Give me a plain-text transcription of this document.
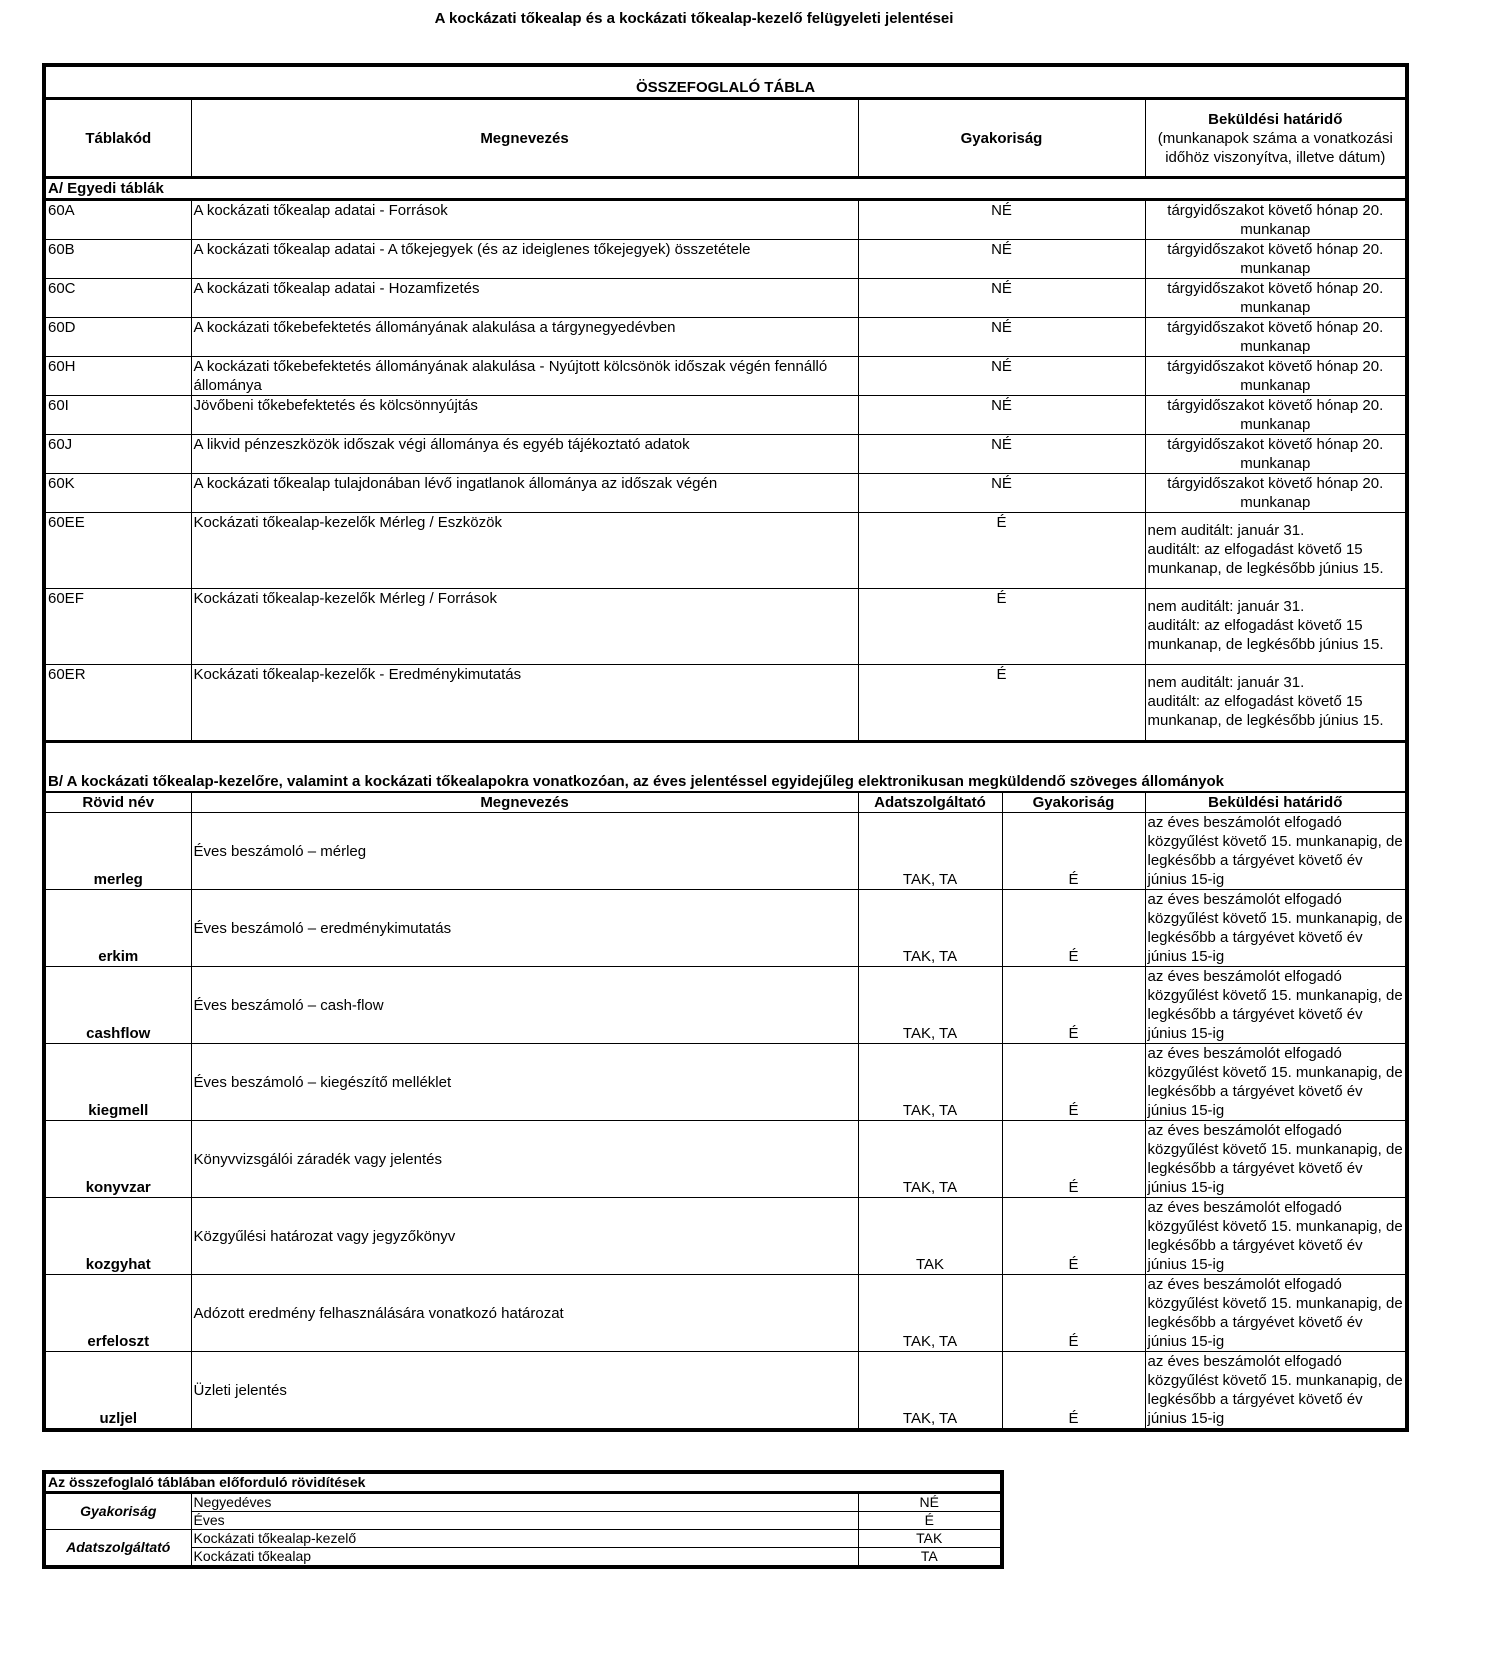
A kockázati tőkealap és a kockázati tőkealap-kezelő felügyeleti jelentései
ÖSSZEFOGLALÓ TÁBLA				
Táblakód	Megnevezés	Gyakoriság		Beküldési határidő
(munkanapok száma a vonatkozási időhöz viszonyítva, illetve dátum)

A/ Egyedi táblák				
60A	A kockázati tőkealap adatai - Források	NÉ		tárgyidőszakot követő hónap 20. munkanap
60B	A kockázati tőkealap adatai - A tőkejegyek (és az ideiglenes tőkejegyek) összetétele	NÉ		tárgyidőszakot követő hónap 20. munkanap
60C	A kockázati tőkealap adatai - Hozamfizetés	NÉ		tárgyidőszakot követő hónap 20. munkanap
60D	A kockázati tőkebefektetés állományának alakulása a tárgynegyedévben	NÉ		tárgyidőszakot követő hónap 20. munkanap
60H	A kockázati tőkebefektetés állományának alakulása - Nyújtott kölcsönök időszak végén fennálló állománya	NÉ		tárgyidőszakot követő hónap 20. munkanap
60I	Jövőbeni tőkebefektetés és kölcsönnyújtás	NÉ		tárgyidőszakot követő hónap 20. munkanap
60J	A likvid pénzeszközök időszak végi állománya és egyéb tájékoztató adatok	NÉ		tárgyidőszakot követő hónap 20. munkanap
60K	A kockázati tőkealap tulajdonában lévő ingatlanok állománya az időszak végén	NÉ		tárgyidőszakot követő hónap 20. munkanap
60EE	Kockázati tőkealap-kezelők Mérleg / Eszközök	É		nem auditált: január 31.
auditált: az elfogadást követő 15
munkanap, de legkésőbb június 15.

60EF	Kockázati tőkealap-kezelők Mérleg / Források	É		nem auditált: január 31.
auditált: az elfogadást követő 15
munkanap, de legkésőbb június 15.

60ER	Kockázati tőkealap-kezelők - Eredménykimutatás	É		nem auditált: január 31.
auditált: az elfogadást követő 15
munkanap, de legkésőbb június 15.

B/ A kockázati tőkealap-kezelőre, valamint a kockázati tőkealapokra vonatkozóan, az éves jelentéssel egyidejűleg elektronikusan megküldendő szöveges állományok				
Rövid név	Megnevezés	Adatszolgáltató	Gyakoriság	Beküldési határidő
merleg	Éves beszámoló – mérleg	TAK, TA	É	az éves beszámolót elfogadó közgyűlést követő 15. munkanapig, de legkésőbb a tárgyévet követő év június 15-ig
erkim	Éves beszámoló – eredménykimutatás	TAK, TA	É	az éves beszámolót elfogadó közgyűlést követő 15. munkanapig, de legkésőbb a tárgyévet követő év június 15-ig
cashflow	Éves beszámoló – cash-flow	TAK, TA	É	az éves beszámolót elfogadó közgyűlést követő 15. munkanapig, de legkésőbb a tárgyévet követő év június 15-ig
kiegmell	Éves beszámoló – kiegészítő melléklet	TAK, TA	É	az éves beszámolót elfogadó közgyűlést követő 15. munkanapig, de legkésőbb a tárgyévet követő év június 15-ig
konyvzar	Könyvvizsgálói záradék vagy jelentés	TAK, TA	É	az éves beszámolót elfogadó közgyűlést követő 15. munkanapig, de legkésőbb a tárgyévet követő év június 15-ig
kozgyhat	Közgyűlési határozat vagy jegyzőkönyv	TAK	É	az éves beszámolót elfogadó közgyűlést követő 15. munkanapig, de legkésőbb a tárgyévet követő év június 15-ig
erfeloszt	Adózott eredmény felhasználására vonatkozó határozat	TAK, TA	É	az éves beszámolót elfogadó közgyűlést követő 15. munkanapig, de legkésőbb a tárgyévet követő év június 15-ig
uzljel	Üzleti jelentés	TAK, TA	É	az éves beszámolót elfogadó közgyűlést követő 15. munkanapig, de legkésőbb a tárgyévet követő év június 15-ig
Az összefoglaló táblában előforduló rövidítések		
Gyakoriság	Negyedéves	NÉ
	Éves	É
Adatszolgáltató	Kockázati tőkealap-kezelő	TAK
	Kockázati tőkealap	TA
